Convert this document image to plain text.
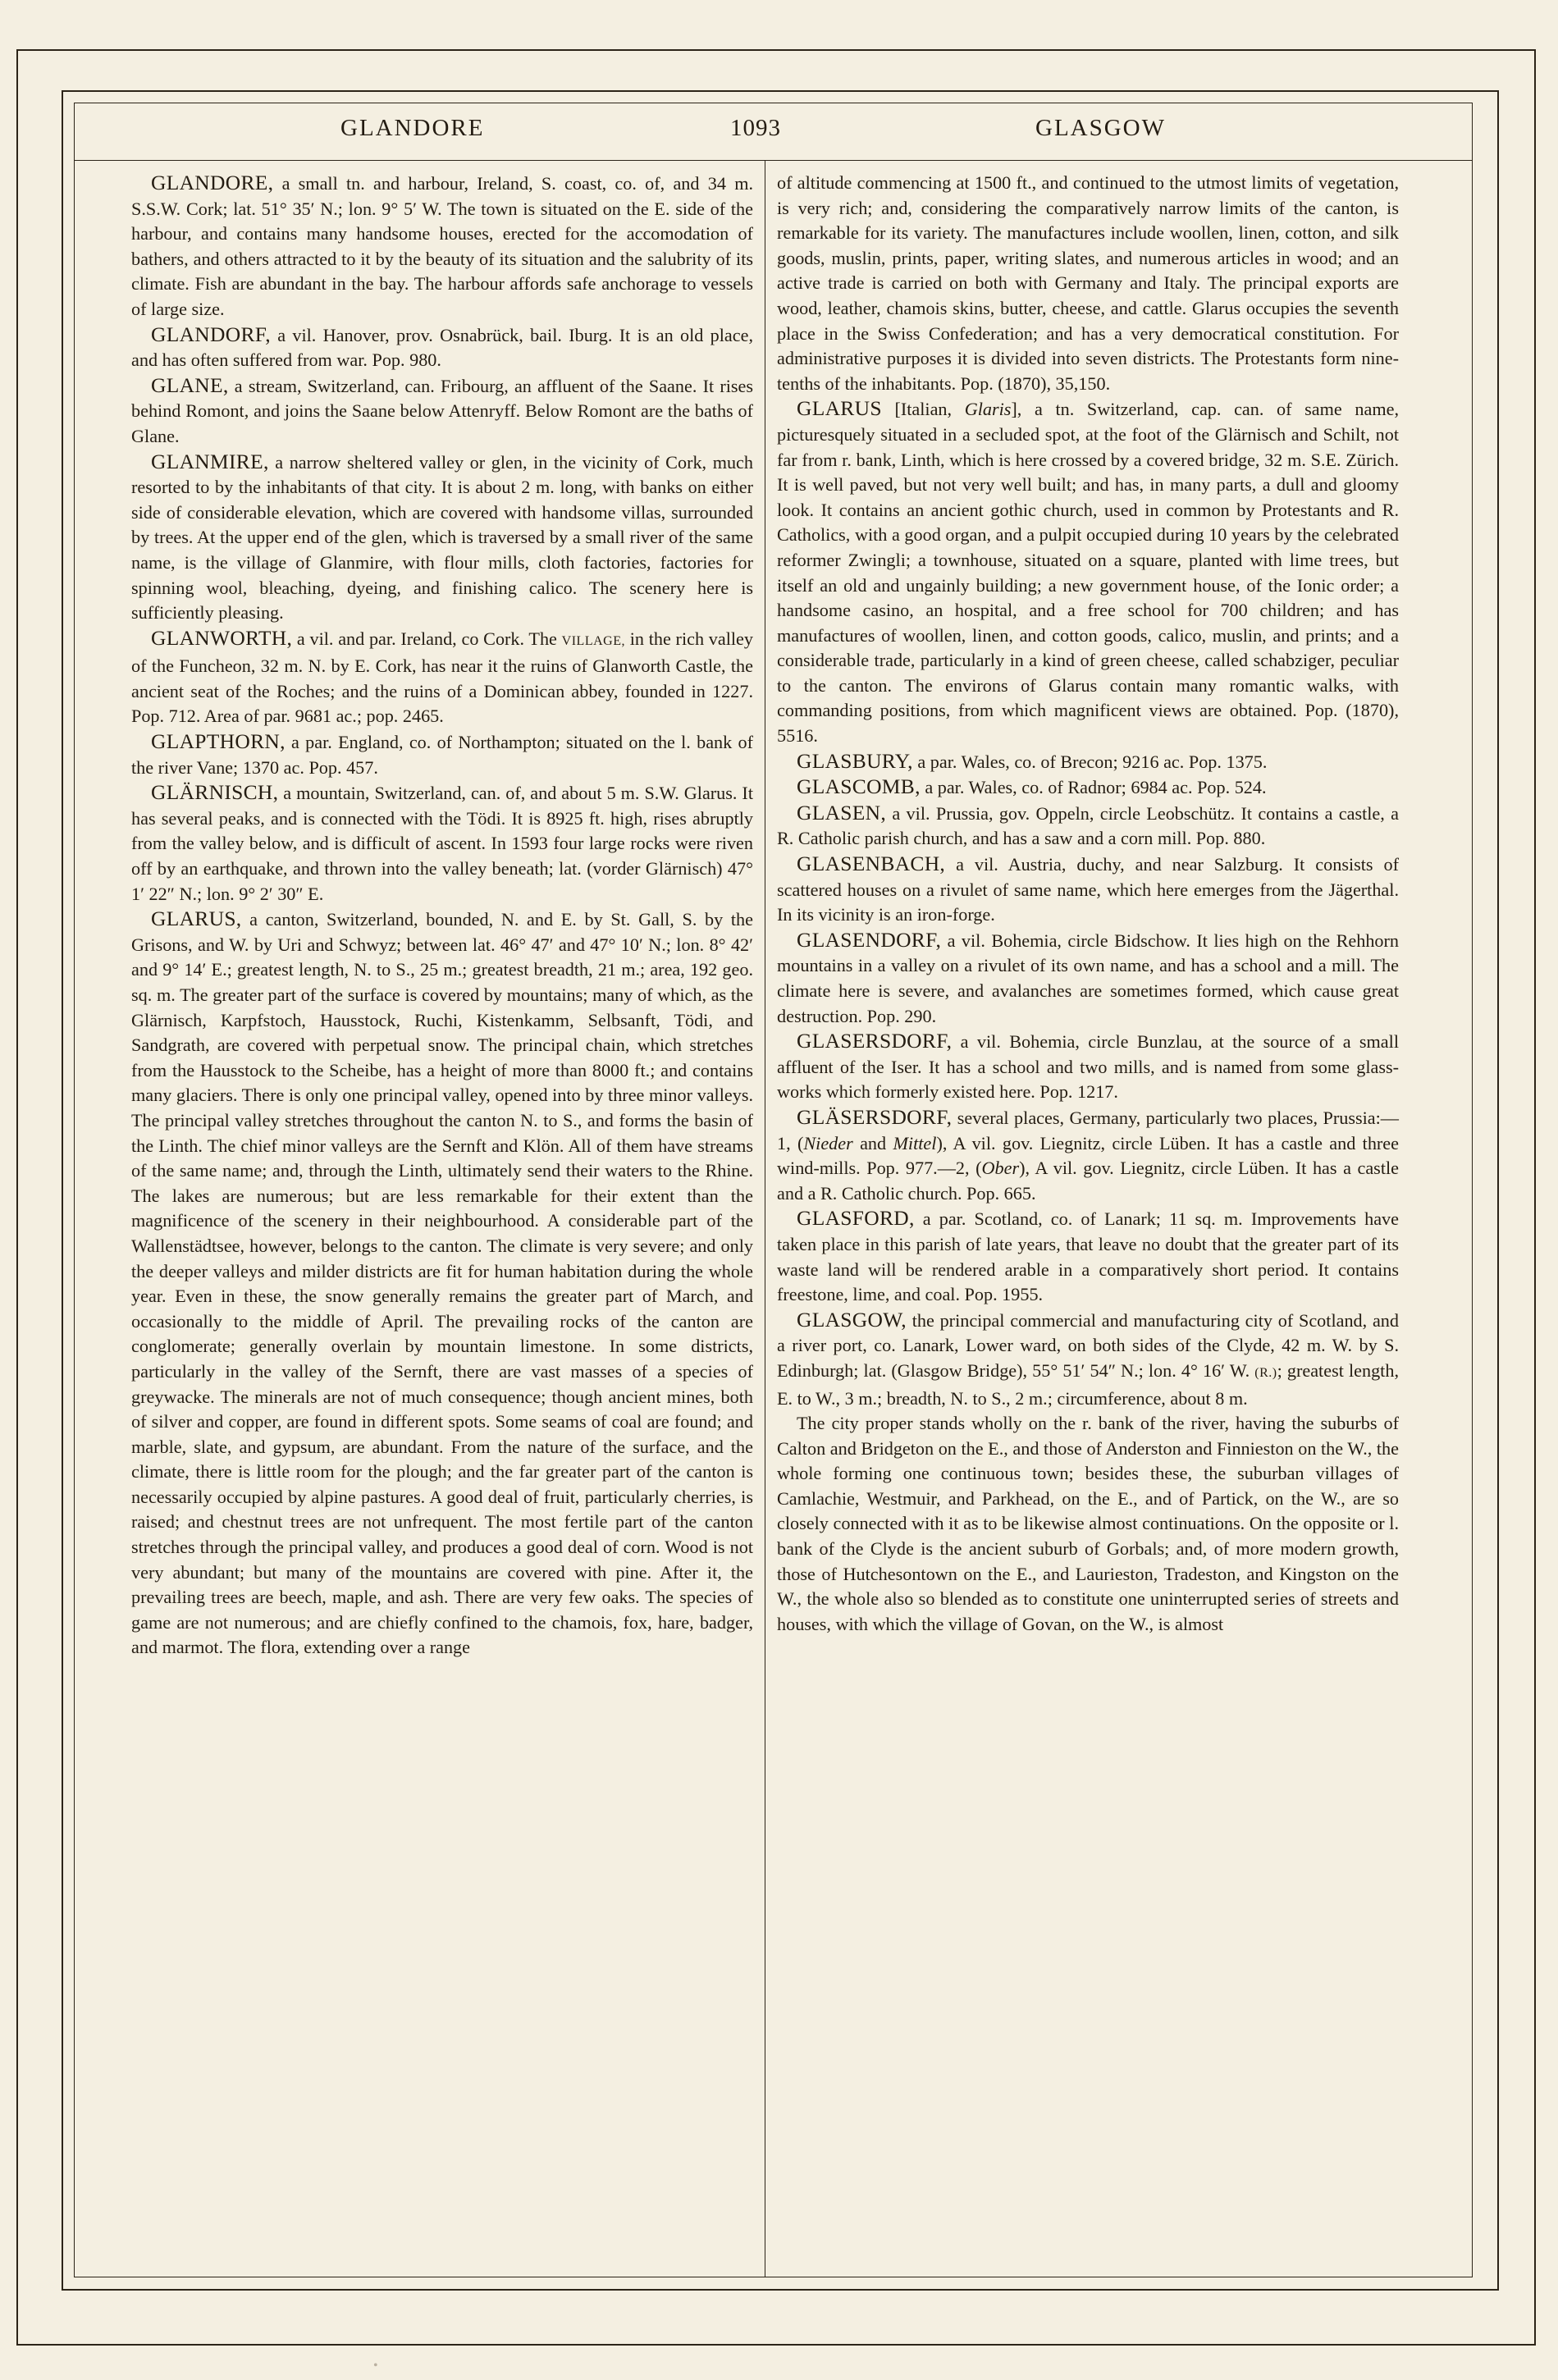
GLANDORE	1093	GLASGOW

GLANDORE, a small tn. and harbour, Ireland, S. coast, co. of, and 34 m. S.S.W. Cork; lat. 51° 35′ N.; lon. 9° 5′ W. The town is situated on the E. side of the harbour, and contains many handsome houses, erected for the accomodation of bathers, and others attracted to it by the beauty of its situation and the salubrity of its climate. Fish are abundant in the bay. The harbour affords safe anchorage to vessels of large size.

GLANDORF, a vil. Hanover, prov. Osnabrück, bail. Iburg. It is an old place, and has often suffered from war. Pop. 980.

GLANE, a stream, Switzerland, can. Fribourg, an affluent of the Saane. It rises behind Romont, and joins the Saane below Attenryff. Below Romont are the baths of Glane.

GLANMIRE, a narrow sheltered valley or glen, in the vicinity of Cork, much resorted to by the inhabitants of that city. It is about 2 m. long, with banks on either side of considerable elevation, which are covered with handsome villas, surrounded by trees. At the upper end of the glen, which is traversed by a small river of the same name, is the village of Glanmire, with flour mills, cloth factories, factories for spinning wool, bleaching, dyeing, and finishing calico. The scenery here is sufficiently pleasing.

GLANWORTH, a vil. and par. Ireland, co Cork. The VILLAGE, in the rich valley of the Funcheon, 32 m. N. by E. Cork, has near it the ruins of Glanworth Castle, the ancient seat of the Roches; and the ruins of a Dominican abbey, founded in 1227. Pop. 712. Area of par. 9681 ac.; pop. 2465.

GLAPTHORN, a par. England, co. of Northampton; situated on the l. bank of the river Vane; 1370 ac. Pop. 457.

GLÄRNISCH, a mountain, Switzerland, can. of, and about 5 m. S.W. Glarus. It has several peaks, and is connected with the Tödi. It is 8925 ft. high, rises abruptly from the valley below, and is difficult of ascent. In 1593 four large rocks were riven off by an earthquake, and thrown into the valley beneath; lat. (vorder Glärnisch) 47° 1′ 22″ N.; lon. 9° 2′ 30″ E.

GLARUS, a canton, Switzerland, bounded, N. and E. by St. Gall, S. by the Grisons, and W. by Uri and Schwyz; between lat. 46° 47′ and 47° 10′ N.; lon. 8° 42′ and 9° 14′ E.; greatest length, N. to S., 25 m.; greatest breadth, 21 m.; area, 192 geo. sq. m. The greater part of the surface is covered by mountains; many of which, as the Glärnisch, Karpfstoch, Hausstock, Ruchi, Kistenkamm, Selbsanft, Tödi, and Sandgrath, are covered with perpetual snow. The principal chain, which stretches from the Hausstock to the Scheibe, has a height of more than 8000 ft.; and contains many glaciers. There is only one principal valley, opened into by three minor valleys. The principal valley stretches throughout the canton N. to S., and forms the basin of the Linth. The chief minor valleys are the Sernft and Klön. All of them have streams of the same name; and, through the Linth, ultimately send their waters to the Rhine. The lakes are numerous; but are less remarkable for their extent than the magnificence of the scenery in their neighbourhood. A considerable part of the Wallenstädtsee, however, belongs to the canton. The climate is very severe; and only the deeper valleys and milder districts are fit for human habitation during the whole year. Even in these, the snow generally remains the greater part of March, and occasionally to the middle of April. The prevailing rocks of the canton are conglomerate; generally overlain by mountain limestone. In some districts, particularly in the valley of the Sernft, there are vast masses of a species of greywacke. The minerals are not of much consequence; though ancient mines, both of silver and copper, are found in different spots. Some seams of coal are found; and marble, slate, and gypsum, are abundant. From the nature of the surface, and the climate, there is little room for the plough; and the far greater part of the canton is necessarily occupied by alpine pastures. A good deal of fruit, particularly cherries, is raised; and chestnut trees are not unfrequent. The most fertile part of the canton stretches through the principal valley, and produces a good deal of corn. Wood is not very abundant; but many of the mountains are covered with pine. After it, the prevailing trees are beech, maple, and ash. There are very few oaks. The species of game are not numerous; and are chiefly confined to the chamois, fox, hare, badger, and marmot. The flora, extending over a range

of altitude commencing at 1500 ft., and continued to the utmost limits of vegetation, is very rich; and, considering the comparatively narrow limits of the canton, is remarkable for its variety. The manufactures include woollen, linen, cotton, and silk goods, muslin, prints, paper, writing slates, and numerous articles in wood; and an active trade is carried on both with Germany and Italy. The principal exports are wood, leather, chamois skins, butter, cheese, and cattle. Glarus occupies the seventh place in the Swiss Confederation; and has a very democratical constitution. For administrative purposes it is divided into seven districts. The Protestants form nine-tenths of the inhabitants. Pop. (1870), 35,150.

GLARUS [Italian, Glaris], a tn. Switzerland, cap. can. of same name, picturesquely situated in a secluded spot, at the foot of the Glärnisch and Schilt, not far from r. bank, Linth, which is here crossed by a covered bridge, 32 m. S.E. Zürich. It is well paved, but not very well built; and has, in many parts, a dull and gloomy look. It contains an ancient gothic church, used in common by Protestants and R. Catholics, with a good organ, and a pulpit occupied during 10 years by the celebrated reformer Zwingli; a townhouse, situated on a square, planted with lime trees, but itself an old and ungainly building; a new government house, of the Ionic order; a handsome casino, an hospital, and a free school for 700 children; and has manufactures of woollen, linen, and cotton goods, calico, muslin, and prints; and a considerable trade, particularly in a kind of green cheese, called schabziger, peculiar to the canton. The environs of Glarus contain many romantic walks, with commanding positions, from which magnificent views are obtained. Pop. (1870), 5516.

GLASBURY, a par. Wales, co. of Brecon; 9216 ac. Pop. 1375.

GLASCOMB, a par. Wales, co. of Radnor; 6984 ac. Pop. 524.

GLASEN, a vil. Prussia, gov. Oppeln, circle Leobschütz. It contains a castle, a R. Catholic parish church, and has a saw and a corn mill. Pop. 880.

GLASENBACH, a vil. Austria, duchy, and near Salzburg. It consists of scattered houses on a rivulet of same name, which here emerges from the Jägerthal. In its vicinity is an iron-forge.

GLASENDORF, a vil. Bohemia, circle Bidschow. It lies high on the Rehhorn mountains in a valley on a rivulet of its own name, and has a school and a mill. The climate here is severe, and avalanches are sometimes formed, which cause great destruction. Pop. 290.

GLASERSDORF, a vil. Bohemia, circle Bunzlau, at the source of a small affluent of the Iser. It has a school and two mills, and is named from some glass-works which formerly existed here. Pop. 1217.

GLÄSERSDORF, several places, Germany, particularly two places, Prussia:—1, (Nieder and Mittel), A vil. gov. Liegnitz, circle Lüben. It has a castle and three wind-mills. Pop. 977.—2, (Ober), A vil. gov. Liegnitz, circle Lüben. It has a castle and a R. Catholic church. Pop. 665.

GLASFORD, a par. Scotland, co. of Lanark; 11 sq. m. Improvements have taken place in this parish of late years, that leave no doubt that the greater part of its waste land will be rendered arable in a comparatively short period. It contains freestone, lime, and coal. Pop. 1955.

GLASGOW, the principal commercial and manufacturing city of Scotland, and a river port, co. Lanark, Lower ward, on both sides of the Clyde, 42 m. W. by S. Edinburgh; lat. (Glasgow Bridge), 55° 51′ 54″ N.; lon. 4° 16′ W. (R.); greatest length, E. to W., 3 m.; breadth, N. to S., 2 m.; circumference, about 8 m.

The city proper stands wholly on the r. bank of the river, having the suburbs of Calton and Bridgeton on the E., and those of Anderston and Finnieston on the W., the whole forming one continuous town; besides these, the suburban villages of Camlachie, Westmuir, and Parkhead, on the E., and of Partick, on the W., are so closely connected with it as to be likewise almost continuations. On the opposite or l. bank of the Clyde is the ancient suburb of Gorbals; and, of more modern growth, those of Hutchesontown on the E., and Laurieston, Tradeston, and Kingston on the W., the whole also so blended as to constitute one uninterrupted series of streets and houses, with which the village of Govan, on the W., is almost

•
